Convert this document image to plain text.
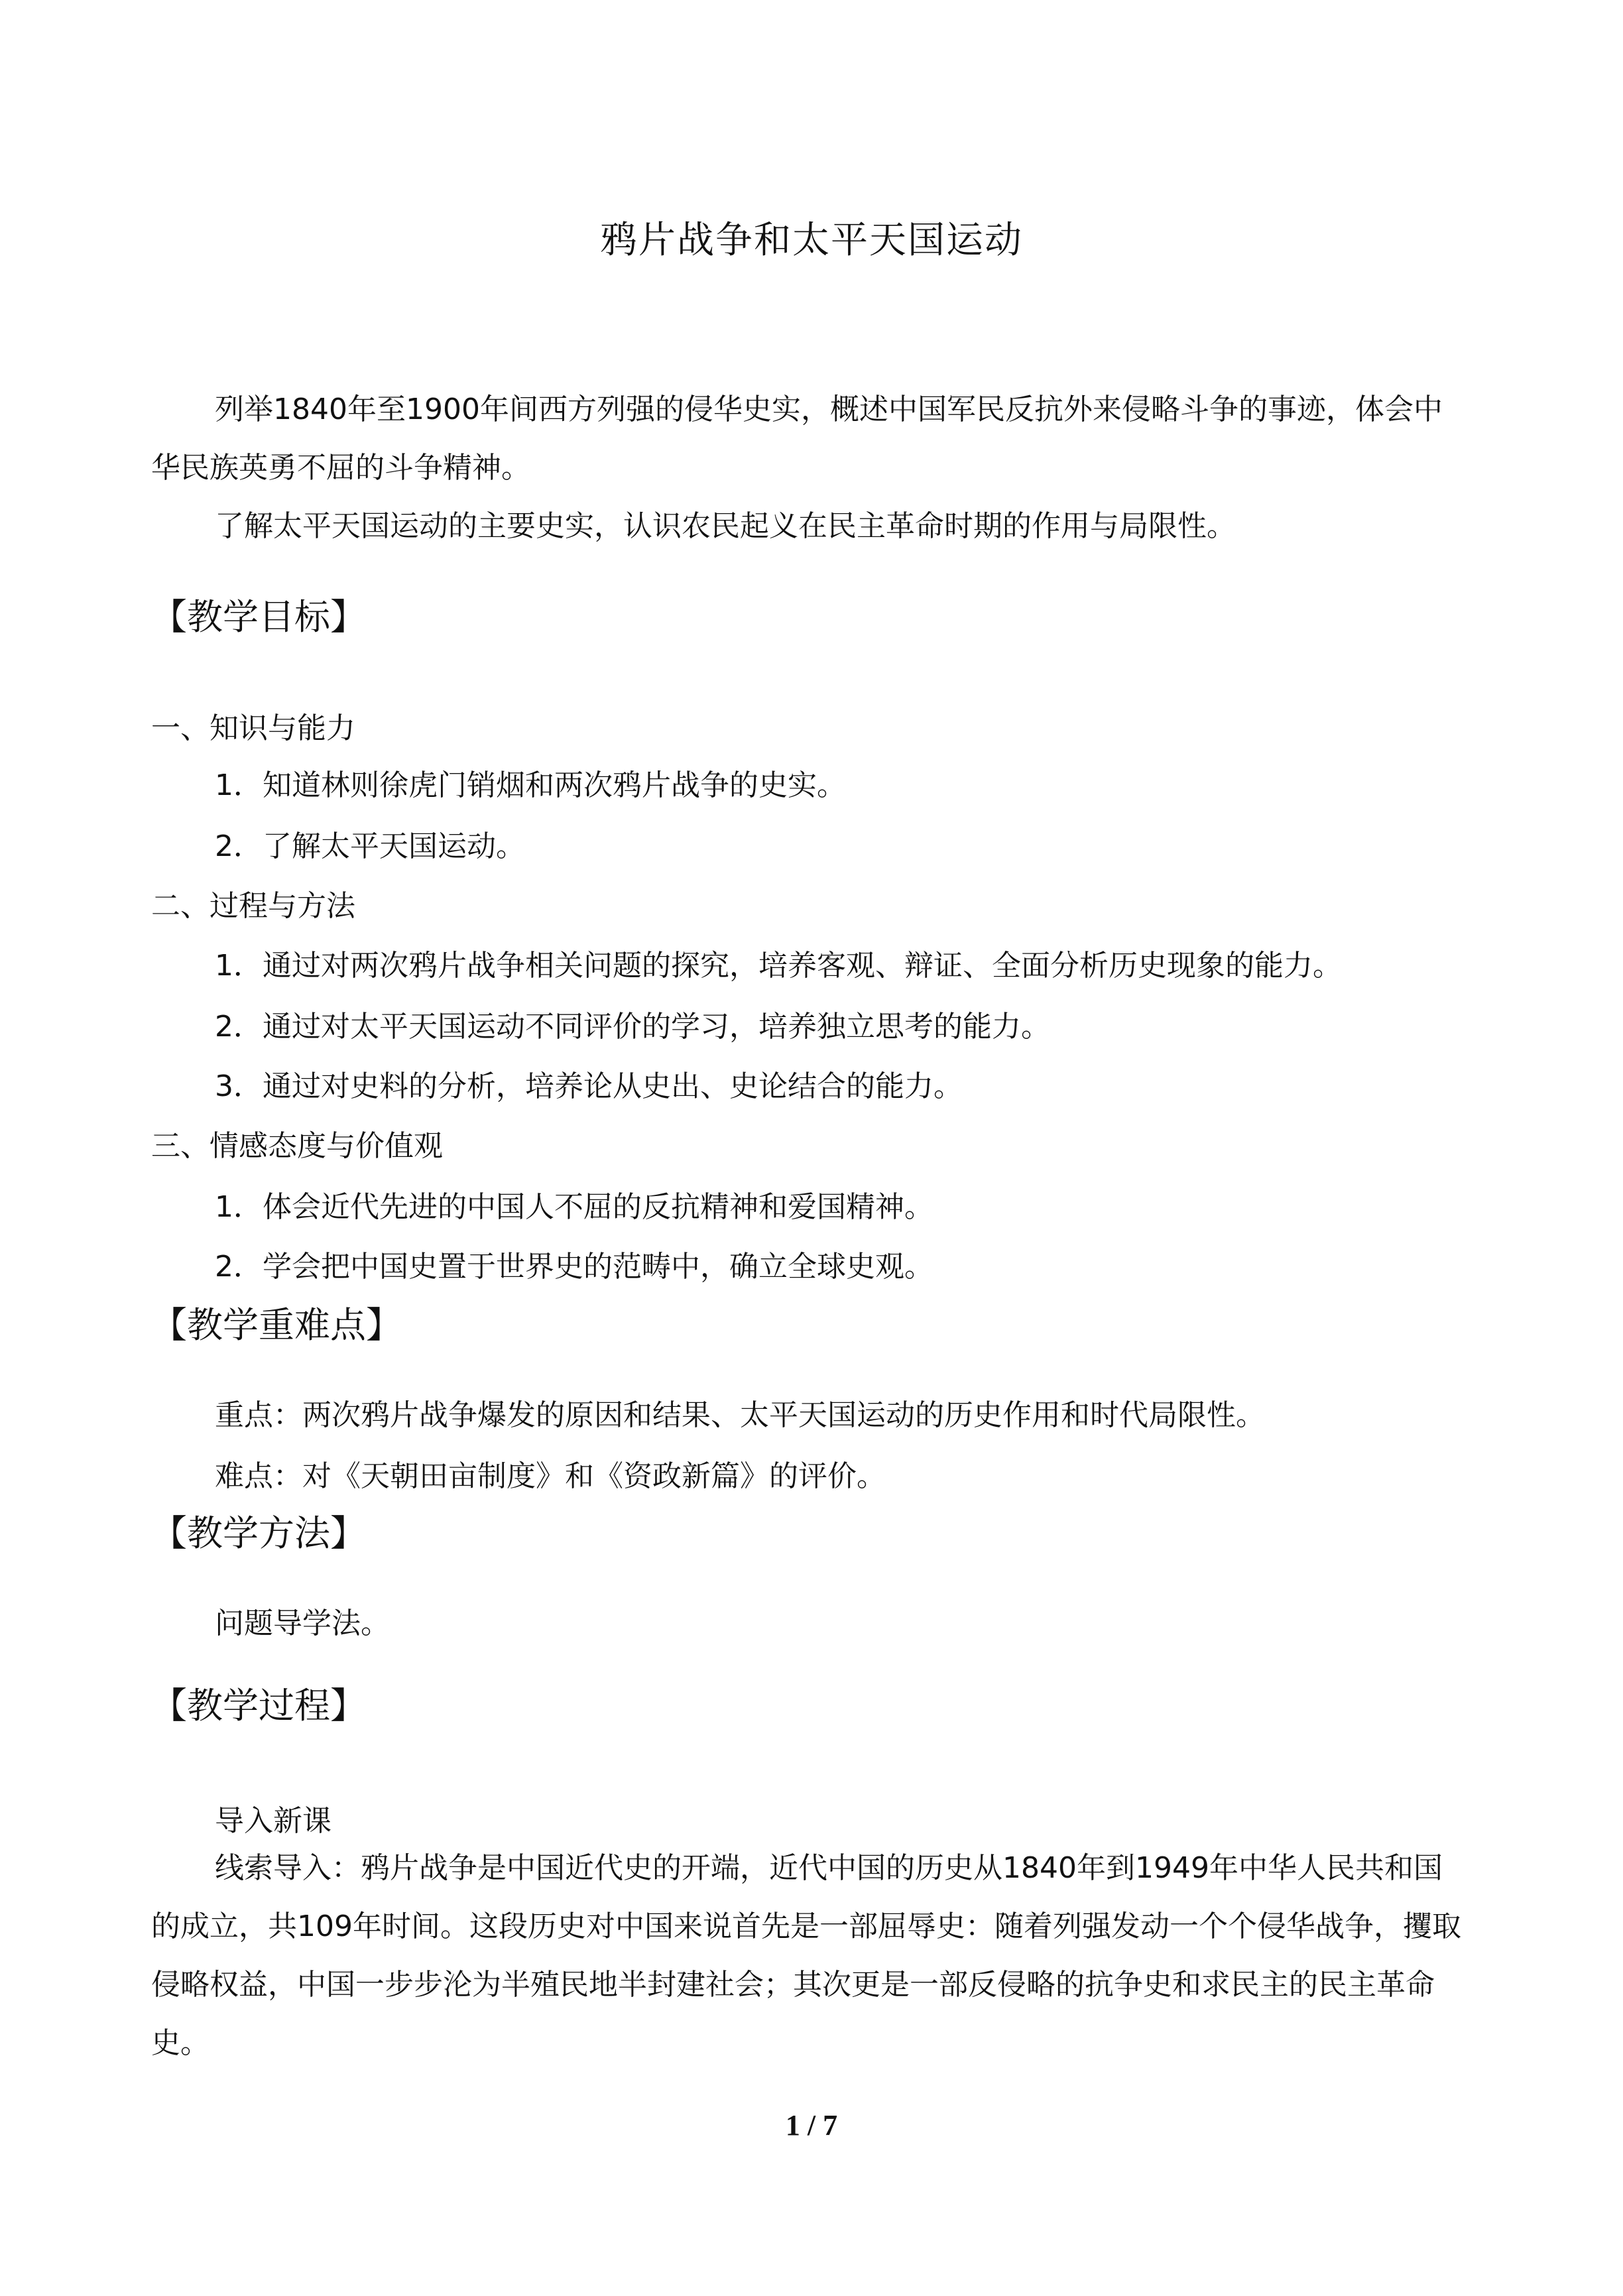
鸦片战争和太平天国运动
列举1840年至1900年间西方列强的侵华史实，概述中国军民反抗外来侵略斗争的事迹，体会中华民族英勇不屈的斗争精神。
了解太平天国运动的主要史实，认识农民起义在民主革命时期的作用与局限性。
【教学目标】
一、知识与能力
1．知道林则徐虎门销烟和两次鸦片战争的史实。
2．了解太平天国运动。
二、过程与方法
1．通过对两次鸦片战争相关问题的探究，培养客观、辩证、全面分析历史现象的能力。
2．通过对太平天国运动不同评价的学习，培养独立思考的能力。
3．通过对史料的分析，培养论从史出、史论结合的能力。
三、情感态度与价值观
1．体会近代先进的中国人不屈的反抗精神和爱国精神。
2．学会把中国史置于世界史的范畴中，确立全球史观。
【教学重难点】
重点：两次鸦片战争爆发的原因和结果、太平天国运动的历史作用和时代局限性。
难点：对《天朝田亩制度》和《资政新篇》的评价。
【教学方法】
问题导学法。
【教学过程】
导入新课
线索导入：鸦片战争是中国近代史的开端，近代中国的历史从1840年到1949年中华人民共和国的成立，共109年时间。这段历史对中国来说首先是一部屈辱史：随着列强发动一个个侵华战争，攫取侵略权益，中国一步步沦为半殖民地半封建社会；其次更是一部反侵略的抗争史和求民主的民主革命史。
1 / 7
